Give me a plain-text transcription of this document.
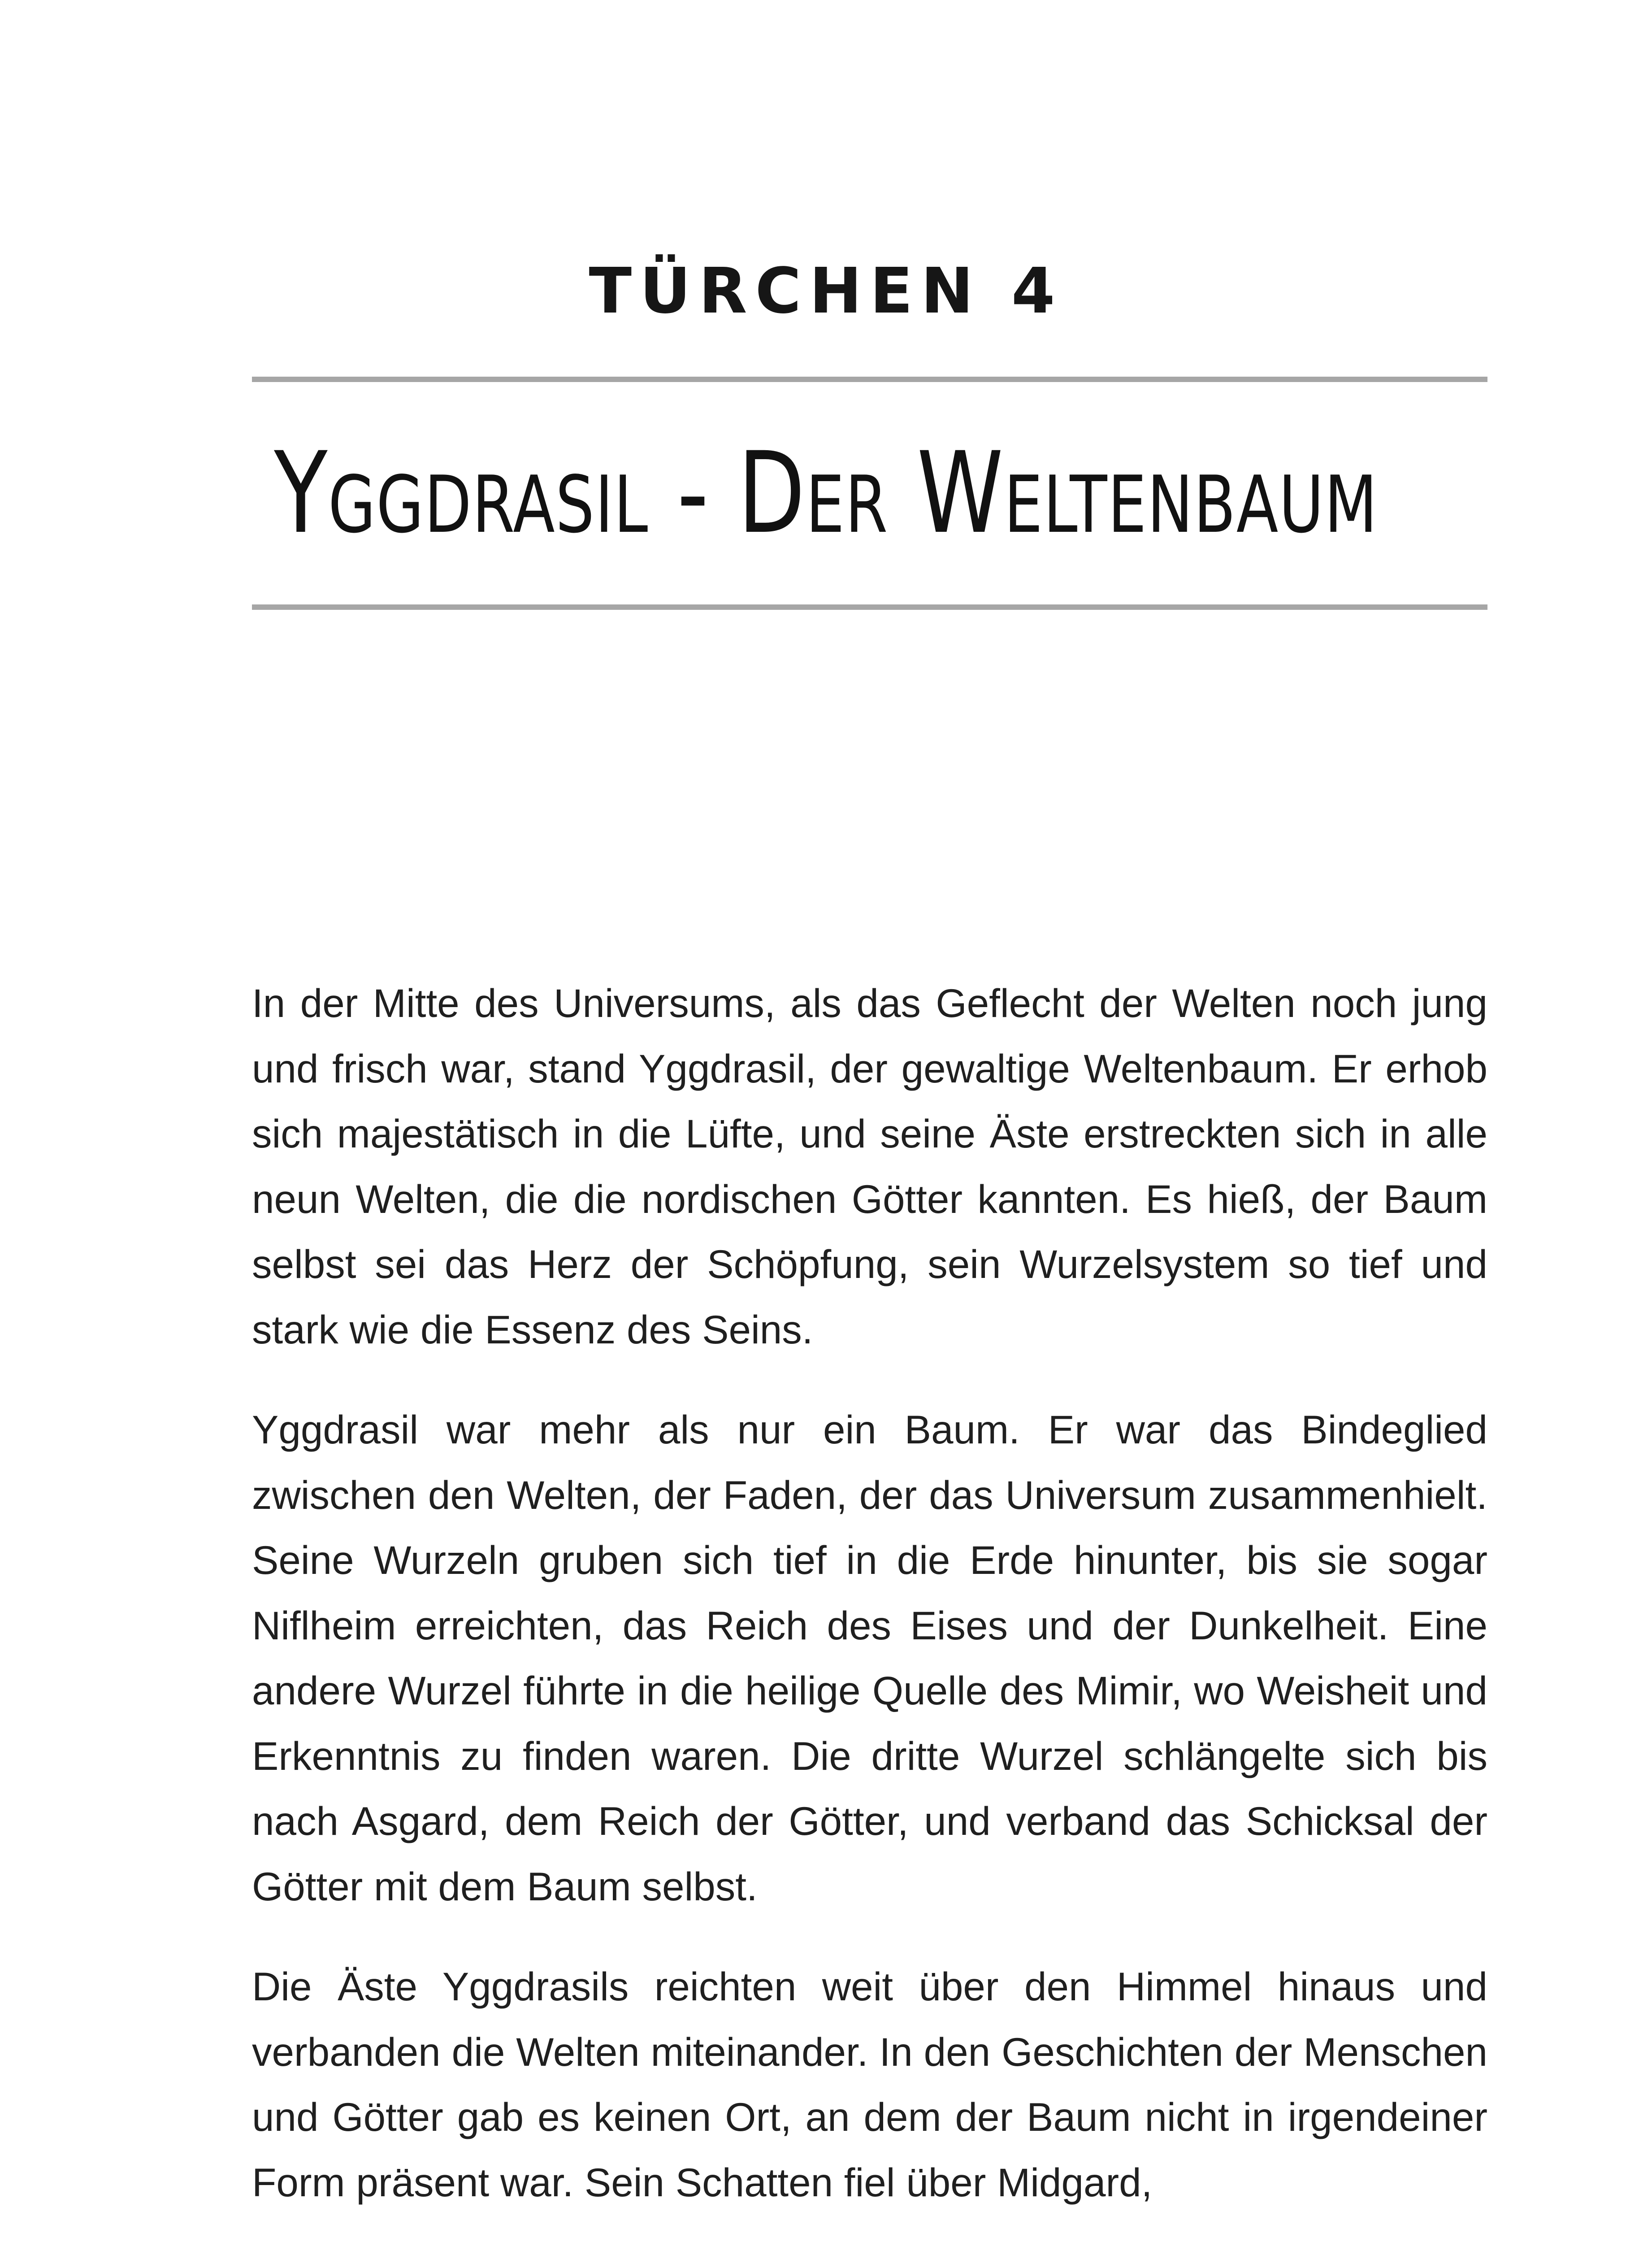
TÜRCHEN 4
Yggdrasil - Der Weltenbaum

In der Mitte des Universums, als das Geflecht der Welten noch jung und frisch war, stand Yggdrasil, der gewaltige Weltenbaum. Er erhob sich majestätisch in die Lüfte, und seine Äste erstreckten sich in alle neun Welten, die die nordischen Götter kannten. Es hieß, der Baum selbst sei das Herz der Schöpfung, sein Wurzelsystem so tief und stark wie die Essenz des Seins.

Yggdrasil war mehr als nur ein Baum. Er war das Bindeglied zwischen den Welten, der Faden, der das Universum zusammenhielt. Seine Wurzeln gruben sich tief in die Erde hinunter, bis sie sogar Niflheim erreichten, das Reich des Eises und der Dunkelheit. Eine andere Wurzel führte in die heilige Quelle des Mimir, wo Weisheit und Erkenntnis zu finden waren. Die dritte Wurzel schlängelte sich bis nach Asgard, dem Reich der Götter, und verband das Schicksal der Götter mit dem Baum selbst.

Die Äste Yggdrasils reichten weit über den Himmel hinaus und verbanden die Welten miteinander. In den Geschichten der Menschen und Götter gab es keinen Ort, an dem der Baum nicht in irgendeiner Form präsent war. Sein Schatten fiel über Midgard,
